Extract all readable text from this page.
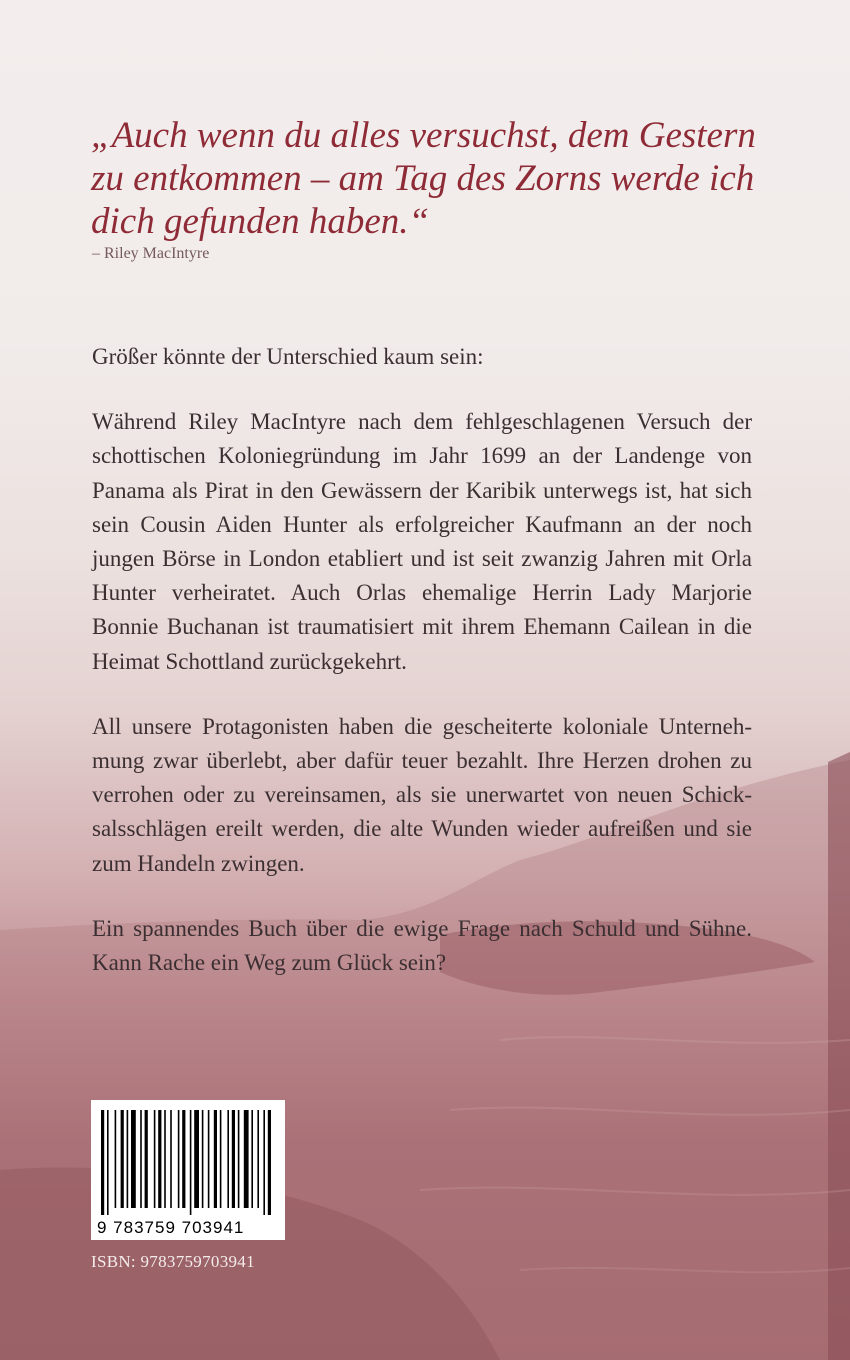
„Auch wenn du alles versuchst, dem Gestern zu entkommen – am Tag des Zorns werde ich dich gefunden haben.“

– Riley MacIntyre

Größer könnte der Unterschied kaum sein:

Während Riley MacIntyre nach dem fehlgeschlagenen Versuch der schottischen Koloniegründung im Jahr 1699 an der Landenge von Panama als Pirat in den Gewässern der Karibik unterwegs ist, hat sich sein Cousin Aiden Hunter als erfolgreicher Kaufmann an der noch jungen Börse in London etabliert und ist seit zwanzig Jahren mit Orla Hunter verheiratet. Auch Orlas ehemalige Herrin Lady Marjorie Bonnie Buchanan ist traumatisiert mit ihrem Ehemann Cailean in die Heimat Schottland zurückgekehrt.

All unsere Protagonisten haben die gescheiterte koloniale Unternehmung zwar überlebt, aber dafür teuer bezahlt. Ihre Herzen drohen zu verrohen oder zu vereinsamen, als sie unerwartet von neuen Schicksalsschlägen ereilt werden, die alte Wunden wieder aufreißen und sie zum Handeln zwingen.

Ein spannendes Buch über die ewige Frage nach Schuld und Sühne. Kann Rache ein Weg zum Glück sein?

9 783759 703941

ISBN: 9783759703941
